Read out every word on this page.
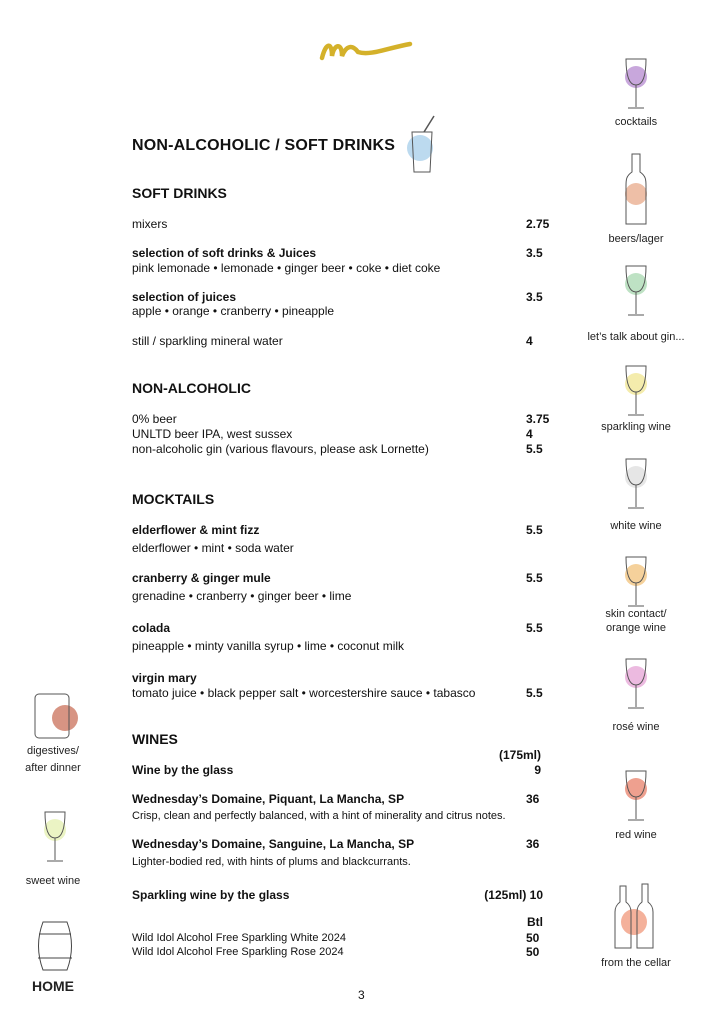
NON-ALCOHOLIC / SOFT DRINKS
SOFT DRINKS
mixers	2.75
selection of soft drinks & Juices	3.5
pink lemonade • lemonade • ginger beer • coke • diet coke
selection of juices	3.5
apple • orange • cranberry • pineapple
still / sparkling mineral water	4
NON-ALCOHOLIC
0% beer	3.75
UNLTD beer IPA, west sussex	4
non-alcoholic gin (various flavours, please ask Lornette)	5.5
MOCKTAILS
elderflower & mint fizz	5.5
elderflower • mint • soda water
cranberry & ginger mule	5.5
grenadine • cranberry • ginger beer • lime
colada	5.5
pineapple • minty vanilla syrup • lime • coconut milk
virgin mary
tomato juice • black pepper salt • worcestershire sauce • tabasco	5.5
WINES
(175ml)
Wine by the glass	9
Wednesday’s Domaine, Piquant, La Mancha, SP	36
Crisp, clean and perfectly balanced, with a hint of minerality and citrus notes.
Wednesday’s Domaine, Sanguine, La Mancha, SP	36
Lighter-bodied red, with hints of plums and blackcurrants.
Sparkling wine by the glass	(125ml) 10
Btl
Wild Idol Alcohol Free Sparkling White 2024	50
Wild Idol Alcohol Free Sparkling Rose 2024	50
3
cocktails
beers/lager
let’s talk about gin...
sparkling wine
white wine
skin contact/
orange wine
rosé wine
red wine
from the cellar
digestives/
after dinner
sweet wine
HOME
